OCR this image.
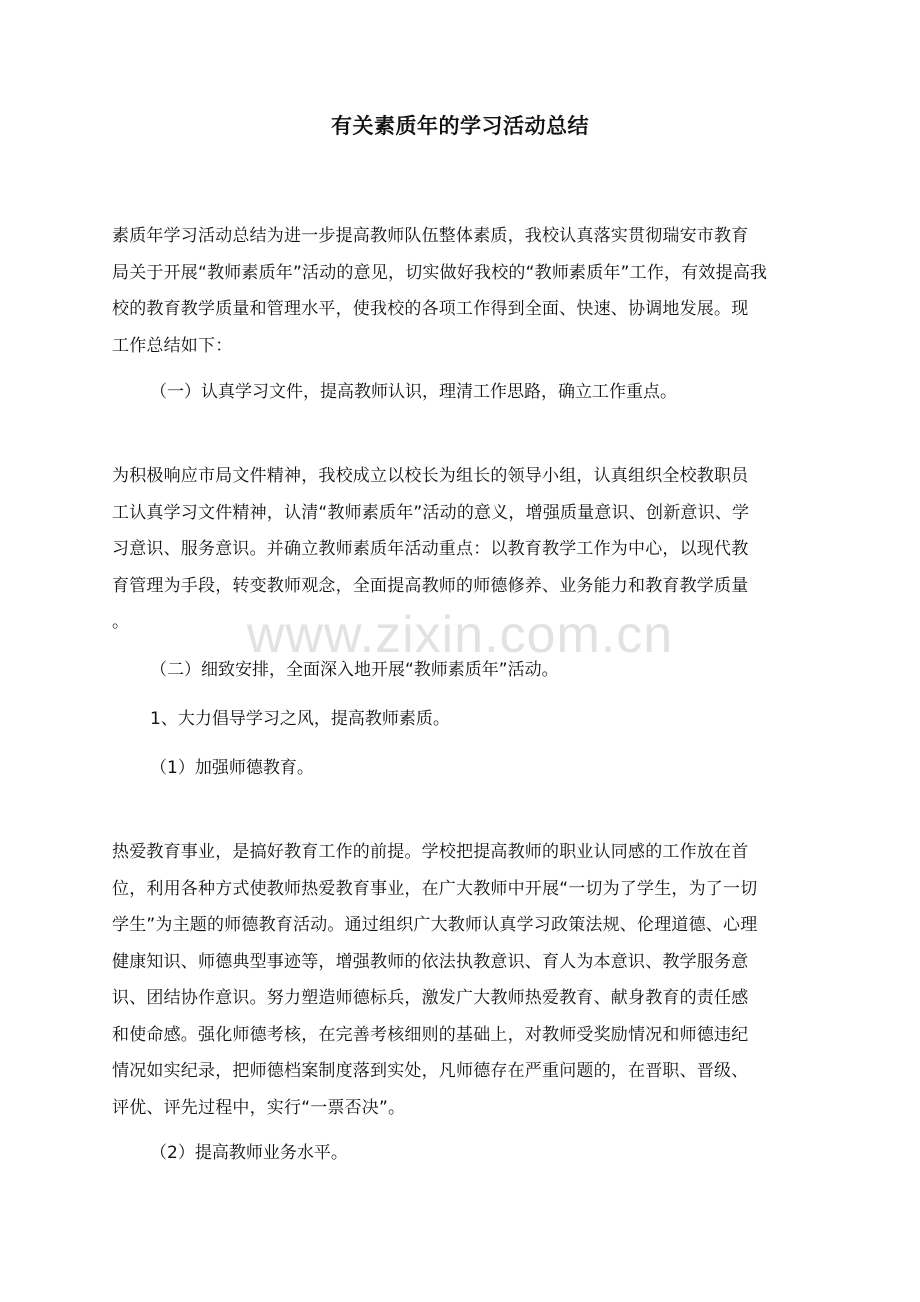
有关素质年的学习活动总结

素质年学习活动总结为进一步提高教师队伍整体素质，我校认真落实贯彻瑞安市教育
局关于开展“教师素质年”活动的意见，切实做好我校的“教师素质年”工作，有效提高我
校的教育教学质量和管理水平，使我校的各项工作得到全面、快速、协调地发展。现
工作总结如下：

（一）认真学习文件，提高教师认识，理清工作思路，确立工作重点。

为积极响应市局文件精神，我校成立以校长为组长的领导小组，认真组织全校教职员
工认真学习文件精神，认清“教师素质年”活动的意义，增强质量意识、创新意识、学
习意识、服务意识。并确立教师素质年活动重点：以教育教学工作为中心，以现代教
育管理为手段，转变教师观念，全面提高教师的师德修养、业务能力和教育教学质量
。

（二）细致安排，全面深入地开展“教师素质年”活动。

1、大力倡导学习之风，提高教师素质。

（1）加强师德教育。

热爱教育事业，是搞好教育工作的前提。学校把提高教师的职业认同感的工作放在首
位，利用各种方式使教师热爱教育事业，在广大教师中开展“一切为了学生，为了一切
学生”为主题的师德教育活动。通过组织广大教师认真学习政策法规、伦理道德、心理
健康知识、师德典型事迹等，增强教师的依法执教意识、育人为本意识、教学服务意
识、团结协作意识。努力塑造师德标兵，激发广大教师热爱教育、献身教育的责任感
和使命感。强化师德考核，在完善考核细则的基础上，对教师受奖励情况和师德违纪
情况如实纪录，把师德档案制度落到实处，凡师德存在严重问题的，在晋职、晋级、
评优、评先过程中，实行“一票否决”。

（2）提高教师业务水平。

www.zixin.com.cn
